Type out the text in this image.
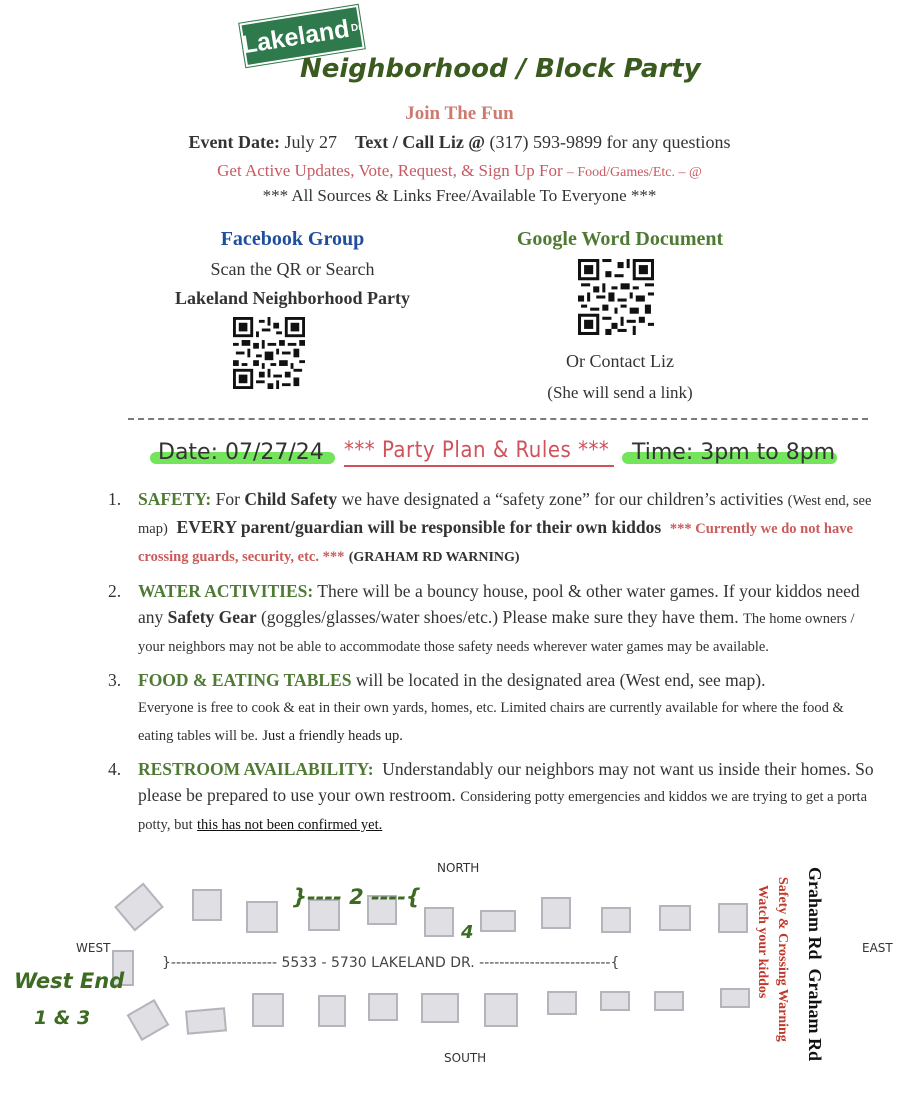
Lakeland Dr
Neighborhood / Block Party
Join The Fun
Event Date: July 27 Text / Call Liz @ (317) 593-9899 for any questions
Get Active Updates, Vote, Request, & Sign Up For – Food/Games/Etc. – @
*** All Sources & Links Free/Available To Everyone ***
Facebook Group
Scan the QR or Search
Lakeland Neighborhood Party
Google Word Document
Or Contact Liz
(She will send a link)
Date: 07/27/24 *** Party Plan & Rules *** Time: 3pm to 8pm
1. SAFETY: For Child Safety we have designated a “safety zone” for our children’s activities (West end, see map) EVERY parent/guardian will be responsible for their own kiddos *** Currently we do not have crossing guards, security, etc. *** (GRAHAM RD WARNING)
2. WATER ACTIVITIES: There will be a bouncy house, pool & other water games. If your kiddos need any Safety Gear (goggles/glasses/water shoes/etc.) Please make sure they have them. The home owners / your neighbors may not be able to accommodate those safety needs wherever water games may be available.
3. FOOD & EATING TABLES will be located in the designated area (West end, see map).
Everyone is free to cook & eat in their own yards, homes, etc. Limited chairs are currently available for where the food & eating tables will be. Just a friendly heads up.
4. RESTROOM AVAILABILITY: Understandably our neighbors may not want us inside their homes. So please be prepared to use your own restroom. Considering potty emergencies and kiddos we are trying to get a porta potty, but this has not been confirmed yet.
NORTH
SOUTH
WEST	EAST
}--------------------- 5533 - 5730 LAKELAND DR. --------------------------{
}---- 2 ----{
4
West End
1 & 3	Safety & Crossing Warning
Watch your kiddos Graham Rd  Graham Rd
